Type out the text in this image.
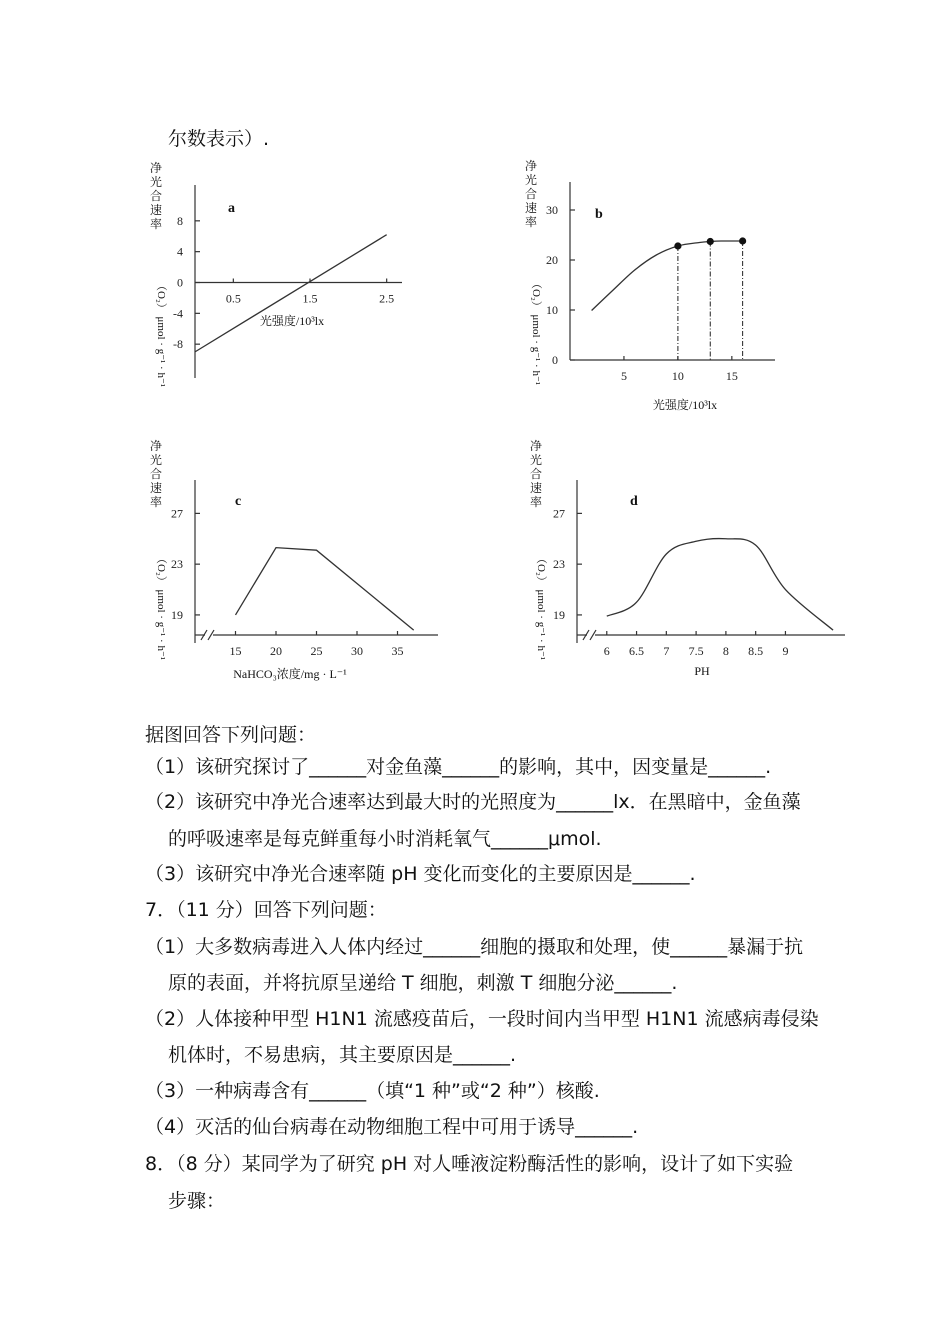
尔数表示）.
8
4
0
-4
-8
0.5	1.5	2.5
a
光强度/10³lx
净光合速率
（O₂） μmol · g⁻¹ · h⁻¹
30
20
10
0
5	10	15
b
光强度/10³lx
净光合速率
（O₂） μmol · g⁻¹ · h⁻¹
27
23
19
15 20 25 30 35
c
NaHCO₃浓度/mg · L⁻¹
净光合速率
（O₂） μmol · g⁻¹ · h⁻¹
27
23
19
6 6.5 7 7.5 8 8.5 9
d
PH
净光合速率
（O₂） μmol · g⁻¹ · h⁻¹
据图回答下列问题：
（1）该研究探讨了______对金鱼藻______的影响，其中，因变量是______.
（2）该研究中净光合速率达到最大时的光照度为______lx．在黑暗中，金鱼藻
的呼吸速率是每克鲜重每小时消耗氧气______μmol.
（3）该研究中净光合速率随 pH 变化而变化的主要原因是______.
7．（11 分）回答下列问题：
（1）大多数病毒进入人体内经过______细胞的摄取和处理，使______暴漏于抗
原的表面，并将抗原呈递给 T 细胞，刺激 T 细胞分泌______.
（2）人体接种甲型 H1N1 流感疫苗后，一段时间内当甲型 H1N1 流感病毒侵染
机体时，不易患病，其主要原因是______.
（3）一种病毒含有______（填“1 种”或“2 种”）核酸.
（4）灭活的仙台病毒在动物细胞工程中可用于诱导______.
8．（8 分）某同学为了研究 pH 对人唾液淀粉酶活性的影响，设计了如下实验
步骤：
